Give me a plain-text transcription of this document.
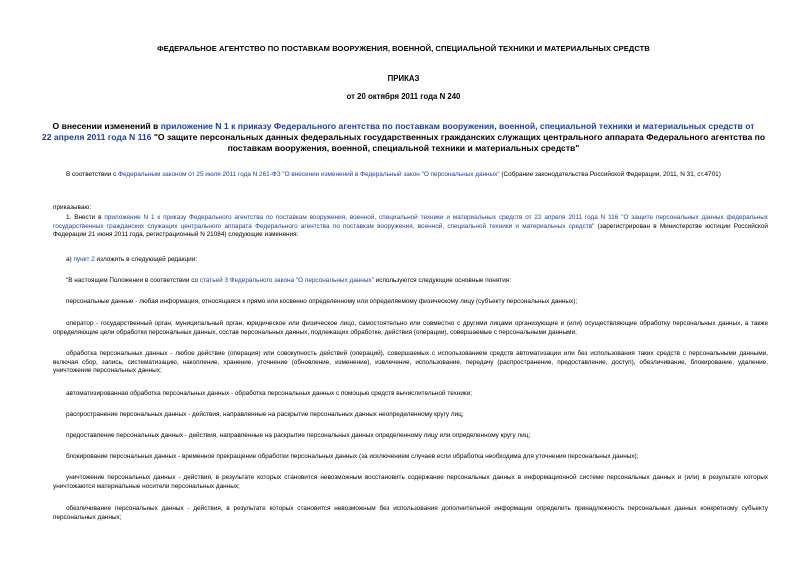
ФЕДЕРАЛЬНОЕ АГЕНТСТВО ПО ПОСТАВКАМ ВООРУЖЕНИЯ, ВОЕННОЙ, СПЕЦИАЛЬНОЙ ТЕХНИКИ И МАТЕРИАЛЬНЫХ СРЕДСТВ
ПРИКАЗ
от 20 октября 2011 года N 240
О внесении изменений в приложение N 1 к приказу Федерального агентства по поставкам вооружения, военной, специальной техники и материальных средств от
22 апреля 2011 года N 116 "О защите персональных данных федеральных государственных гражданских служащих центрального аппарата Федерального агентства по поставкам вооружения, военной, специальной техники и материальных средств"
В соответствии с Федеральным законом от 25 июля 2011 года N 261-ФЗ "О внесении изменений в Федеральный закон "О персональных данных" (Собрание законодательства Российской Федерации, 2011, N 31, ст.4701)
приказываю:
1. Внести в приложение N 1 к приказу Федерального агентства по поставкам вооружения, военной, специальной техники и материальных средств от 22 апреля 2011 года N 116 "О защите персональных данных федеральных государственных гражданских служащих центрального аппарата Федерального агентства по поставкам вооружения, военной, специальной техники и материальных средств" (зарегистрирован в Министерстве юстиции Российской Федерации 21 июня 2011 года, регистрационный N 21084) следующие изменения:
а) пункт 2 изложить в следующей редакции:
"В настоящем Положении в соответствии со статьей 3 Федерального закона "О персональных данных" используются следующие основные понятия:
персональные данные - любая информация, относящаяся к прямо или косвенно определенному или определяемому физическому лицу (субъекту персональных данных);
оператор - государственный орган, муниципальный орган, юридическое или физическое лицо, самостоятельно или совместно с другими лицами организующие и (или) осуществляющие обработку персональных данных, а также определяющие цели обработки персональных данных, состав персональных данных, подлежащих обработке, действия (операции), совершаемые с персональными данными;
обработка персональных данных - любое действие (операция) или совокупность действий (операций), совершаемых с использованием средств автоматизации или без использования таких средств с персональными данными, включая сбор, запись, систематизацию, накопление, хранение, уточнение (обновление, изменение), извлечение, использование, передачу (распространение, предоставление, доступ), обезличивание, блокирование, удаление, уничтожение персональных данных;
автоматизированная обработка персональных данных - обработка персональных данных с помощью средств вычислительной техники;
распространение персональных данных - действия, направленные на раскрытие персональных данных неопределенному кругу лиц;
предоставление персональных данных - действия, направленные на раскрытие персональных данных определенному лицу или определенному кругу лиц;
блокирование персональных данных - временное прекращение обработки персональных данных (за исключением случаев если обработка необходима для уточнения персональных данных);
уничтожение персональных данных - действия, в результате которых становится невозможным восстановить содержание персональных данных в информационной системе персональных данных и (или) в результате которых уничтожаются материальные носители персональных данных;
обезличивание персональных данных - действия, в результате которых становится невозможным без использования дополнительной информации определить принадлежность персональных данных конкретному субъекту персональных данных;
